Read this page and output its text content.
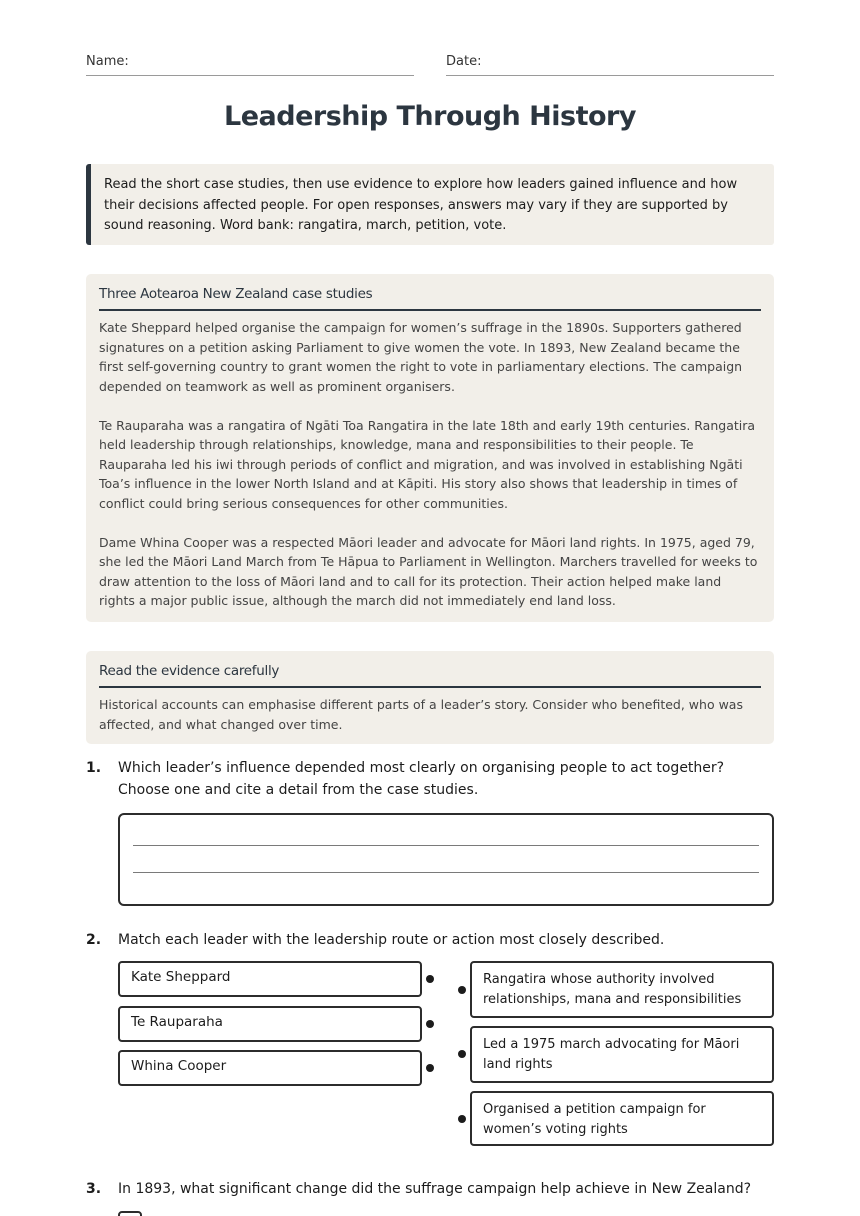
Name:	Date:
Leadership Through History
Read the short case studies, then use evidence to explore how leaders gained influence and how their decisions affected people. For open responses, answers may vary if they are supported by sound reasoning. Word bank: rangatira, march, petition, vote.
Three Aotearoa New Zealand case studies

Kate Sheppard helped organise the campaign for women’s suffrage in the 1890s. Supporters gathered signatures on a petition asking Parliament to give women the vote. In 1893, New Zealand became the first self-governing country to grant women the right to vote in parliamentary elections. The campaign depended on teamwork as well as prominent organisers.

Te Rauparaha was a rangatira of Ngāti Toa Rangatira in the late 18th and early 19th centuries. Rangatira held leadership through relationships, knowledge, mana and responsibilities to their people. Te Rauparaha led his iwi through periods of conflict and migration, and was involved in establishing Ngāti Toa’s influence in the lower North Island and at Kāpiti. His story also shows that leadership in times of conflict could bring serious consequences for other communities.

Dame Whina Cooper was a respected Māori leader and advocate for Māori land rights. In 1975, aged 79, she led the Māori Land March from Te Hāpua to Parliament in Wellington. Marchers travelled for weeks to draw attention to the loss of Māori land and to call for its protection. Their action helped make land rights a major public issue, although the march did not immediately end land loss.

Read the evidence carefully

Historical accounts can emphasise different parts of a leader’s story. Consider who benefited, who was affected, and what changed over time.

1. Which leader’s influence depended most clearly on organising people to act together? Choose one and cite a detail from the case studies.
2. Match each leader with the leadership route or action most closely described.
Kate Sheppard
Te Rauparaha
Whina Cooper
Rangatira whose authority involved relationships, mana and responsibilities
Led a 1975 march advocating for Māori land rights
Organised a petition campaign for women’s voting rights
3. In 1893, what significant change did the suffrage campaign help achieve in New Zealand?
